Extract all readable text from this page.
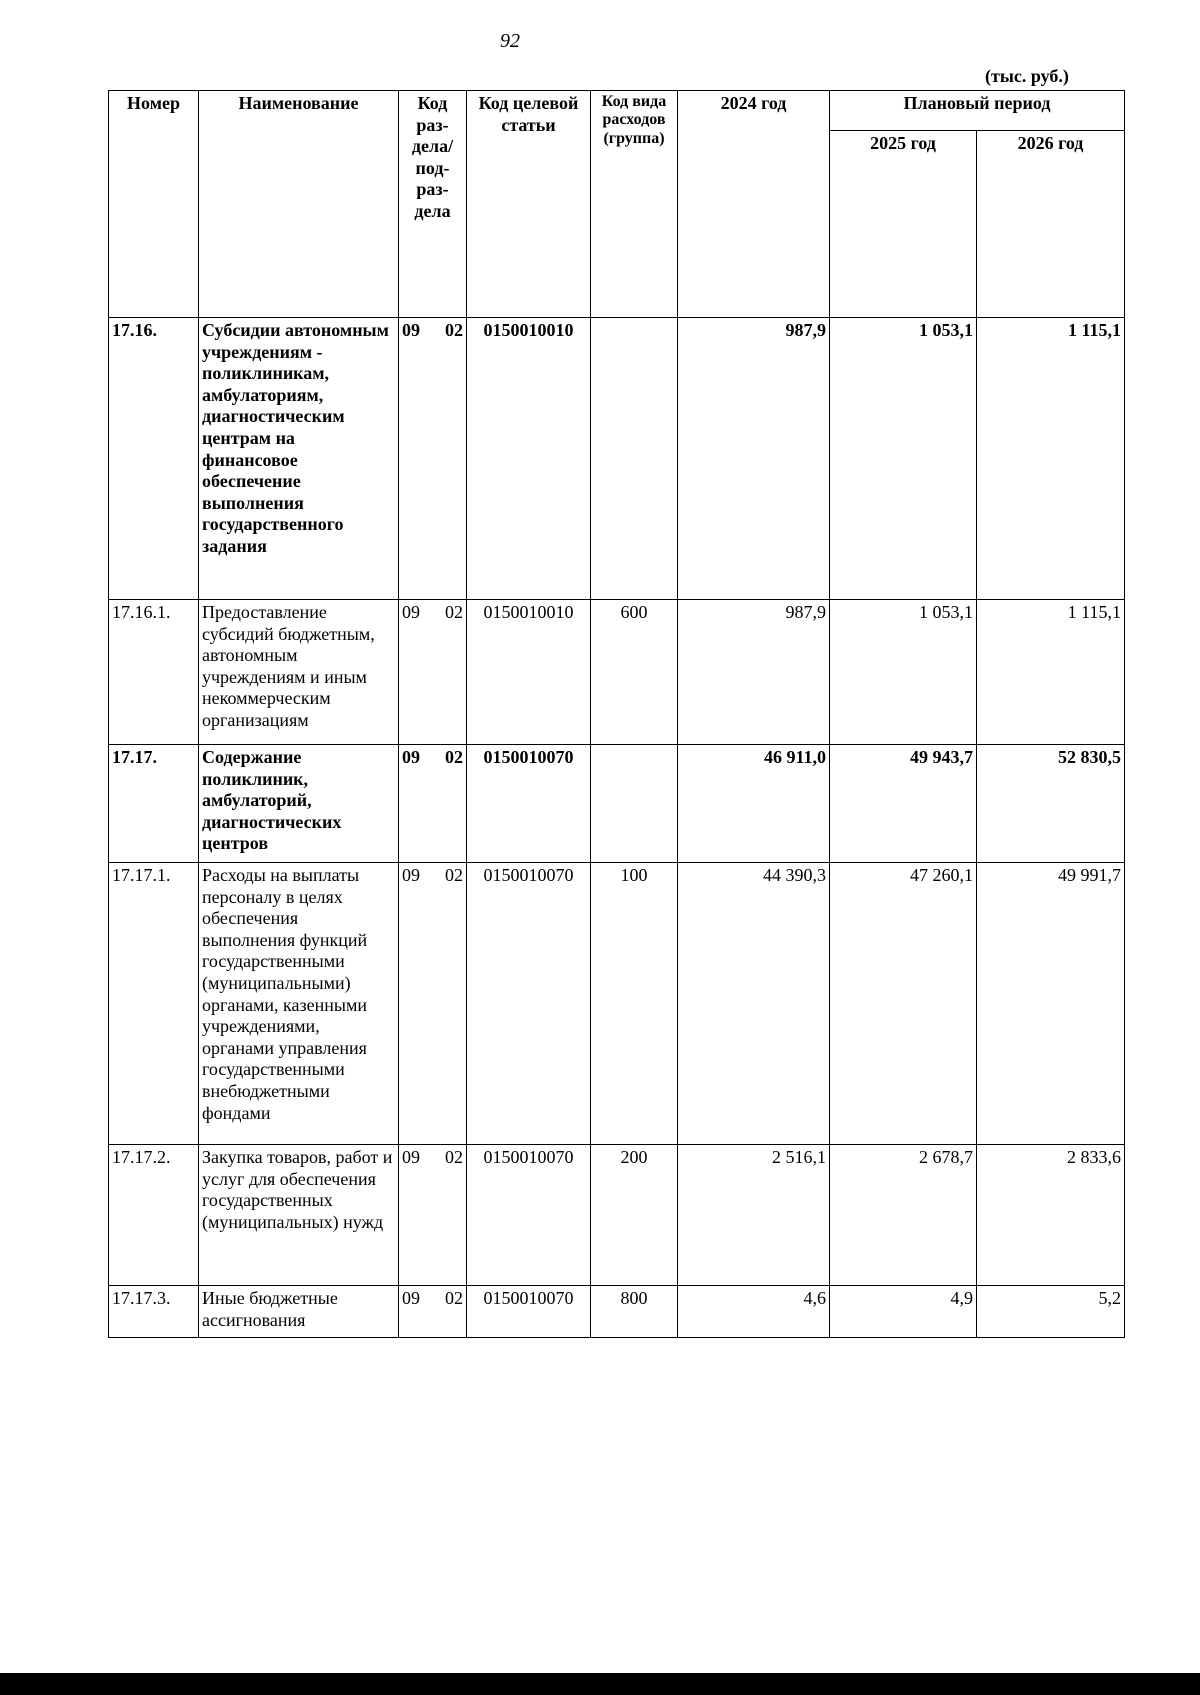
92
(тыс. руб.)
Номер	Наименование	Код раз-дела/ под-раз-дела	Код целевой статьи	Код вида расходов (группа)	2024 год	Плановый период	
						2025 год	2026 год
17.16.	Субсидии автономным учреждениям - поликлиникам, амбулаториям, диагностическим центрам на финансовое обеспечение выполнения государственного задания	09 02	0150010010		987,9	1 053,1	1 115,1
17.16.1.	Предоставление субсидий бюджетным, автономным учреждениям и иным некоммерческим организациям	09 02	0150010010	600	987,9	1 053,1	1 115,1
17.17.	Содержание поликлиник, амбулаторий, диагностических центров	09 02	0150010070		46 911,0	49 943,7	52 830,5
17.17.1.	Расходы на выплаты персоналу в целях обеспечения выполнения функций государственными (муниципальными) органами, казенными учреждениями, органами управления государственными внебюджетными фондами	09 02	0150010070	100	44 390,3	47 260,1	49 991,7
17.17.2.	Закупка товаров, работ и услуг для обеспечения государственных (муниципальных) нужд	09 02	0150010070	200	2 516,1	2 678,7	2 833,6
17.17.3.	Иные бюджетные ассигнования	09 02	0150010070	800	4,6	4,9	5,2
